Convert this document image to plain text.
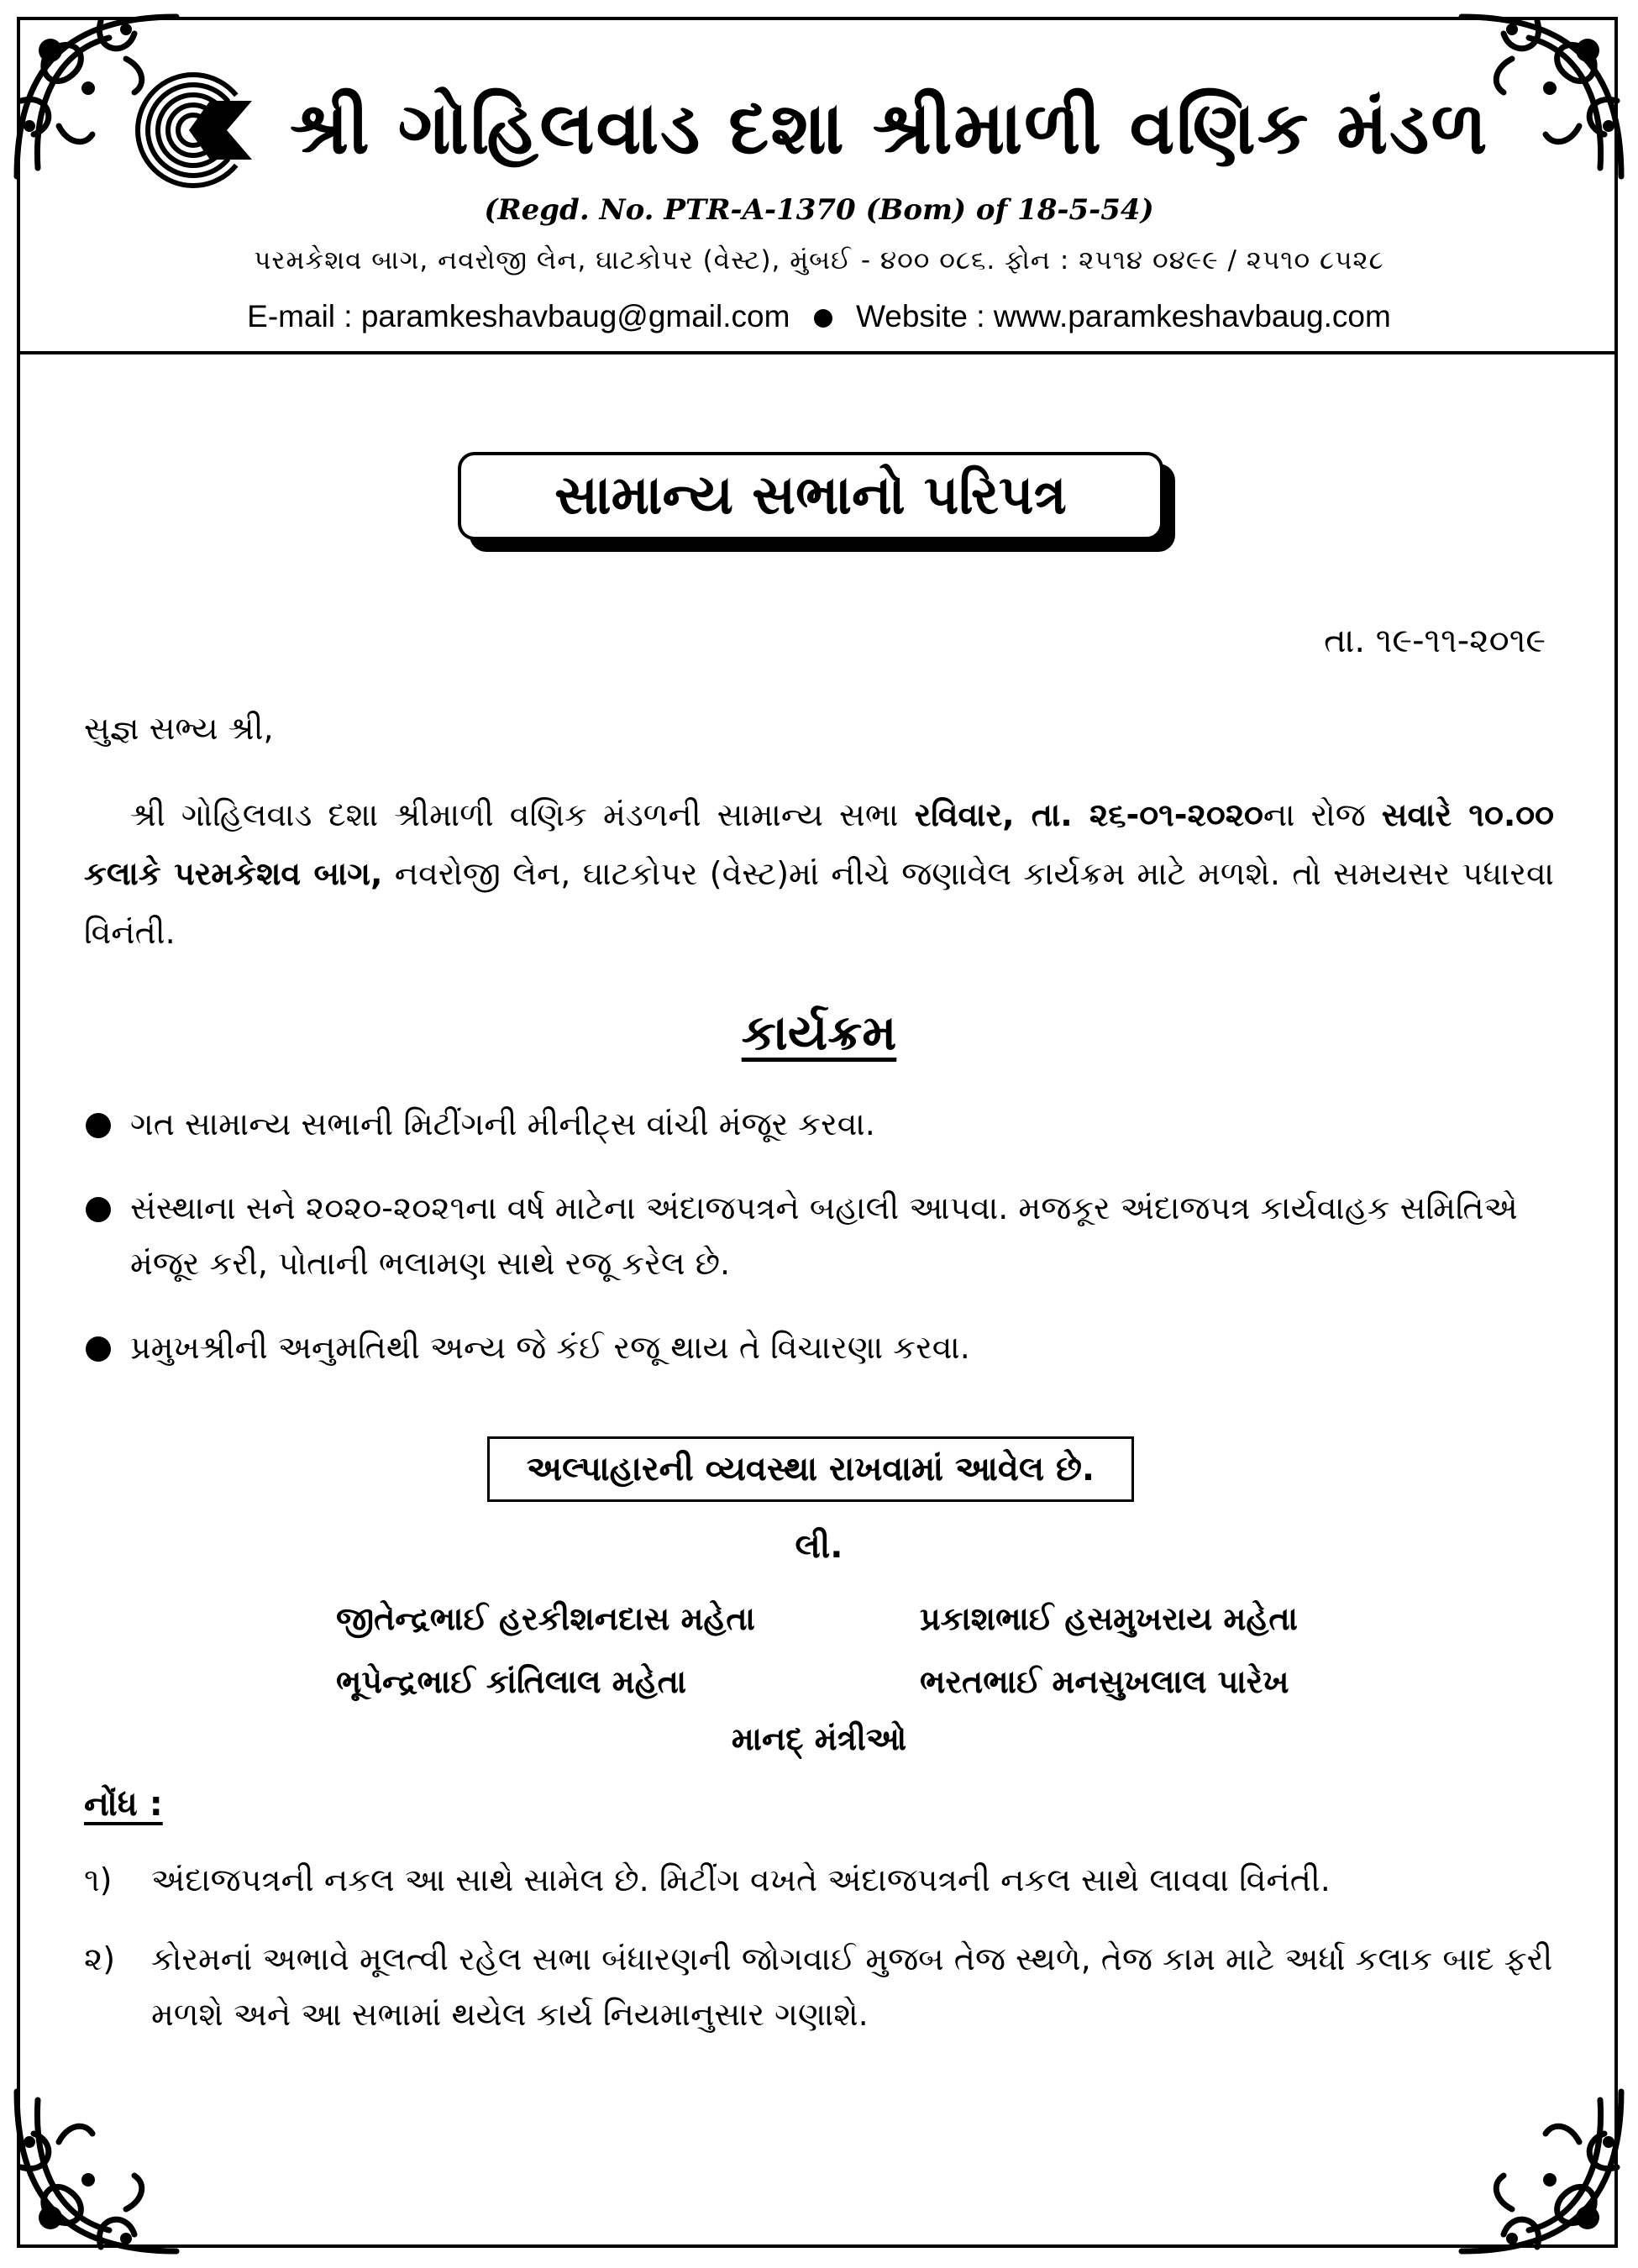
શ્રી ગોહિલવાડ દશા શ્રીમાળી વણિક મંડળ
(Regd. No. PTR-A-1370 (Bom) of 18-5-54)
પરમકેશવ બાગ, નવરોજી લેન, ઘાટકોપર (વેસ્ટ), મુંબઈ - ૪૦૦ ૦૮૬. ફોન : ૨૫૧૪ ૦૪૯૯ / ૨૫૧૦ ૮૫૨૮
E-mail : paramkeshavbaug@gmail.com Website : www.paramkeshavbaug.com
સામાન્ય સભાનો પરિપત્ર
તા. ૧૯-૧૧-૨૦૧૯
સુજ્ઞ સભ્ય શ્રી,
શ્રી ગોહિલવાડ દશા શ્રીમાળી વણિક મંડળની સામાન્ય સભા રવિવાર, તા. ૨૬-૦૧-૨૦૨૦ના રોજ સવારે ૧૦.૦૦ કલાકે પરમકેશવ બાગ, નવરોજી લેન, ઘાટકોપર (વેસ્ટ)માં નીચે જણાવેલ કાર્યક્રમ માટે મળશે. તો સમયસર પધારવા વિનંતી.
કાર્યક્રમ
ગત સામાન્ય સભાની મિટીંગની મીનીટ્સ વાંચી મંજૂર કરવા.
સંસ્થાના સને ૨૦૨૦-૨૦૨૧ના વર્ષ માટેના અંદાજપત્રને બહાલી આપવા. મજકૂર અંદાજપત્ર કાર્યવાહક સમિતિએ મંજૂર કરી, પોતાની ભલામણ સાથે રજૂ કરેલ છે.
પ્રમુખશ્રીની અનુમતિથી અન્ય જે કંઈ રજૂ થાય તે વિચારણા કરવા.
અલ્પાહારની વ્યવસ્થા રાખવામાં આવેલ છે.
લી.
જીતેન્દ્રભાઈ હરકીશનદાસ મહેતા	પ્રકાશભાઈ હસમુખરાય મહેતા
ભૂપેન્દ્રભાઈ કાંતિલાલ મહેતા	ભરતભાઈ મનસુખલાલ પારેખ
માનદ્ મંત્રીઓ
નોંધ :
૧) અંદાજપત્રની નકલ આ સાથે સામેલ છે. મિટીંગ વખતે અંદાજપત્રની નકલ સાથે લાવવા વિનંતી.
૨) કોરમનાં અભાવે મૂલત્વી રહેલ સભા બંધારણની જોગવાઈ મુજબ તેજ સ્થળે, તેજ કામ માટે અર્ધા કલાક બાદ ફરી મળશે અને આ સભામાં થયેલ કાર્ય નિયમાનુસાર ગણાશે.
